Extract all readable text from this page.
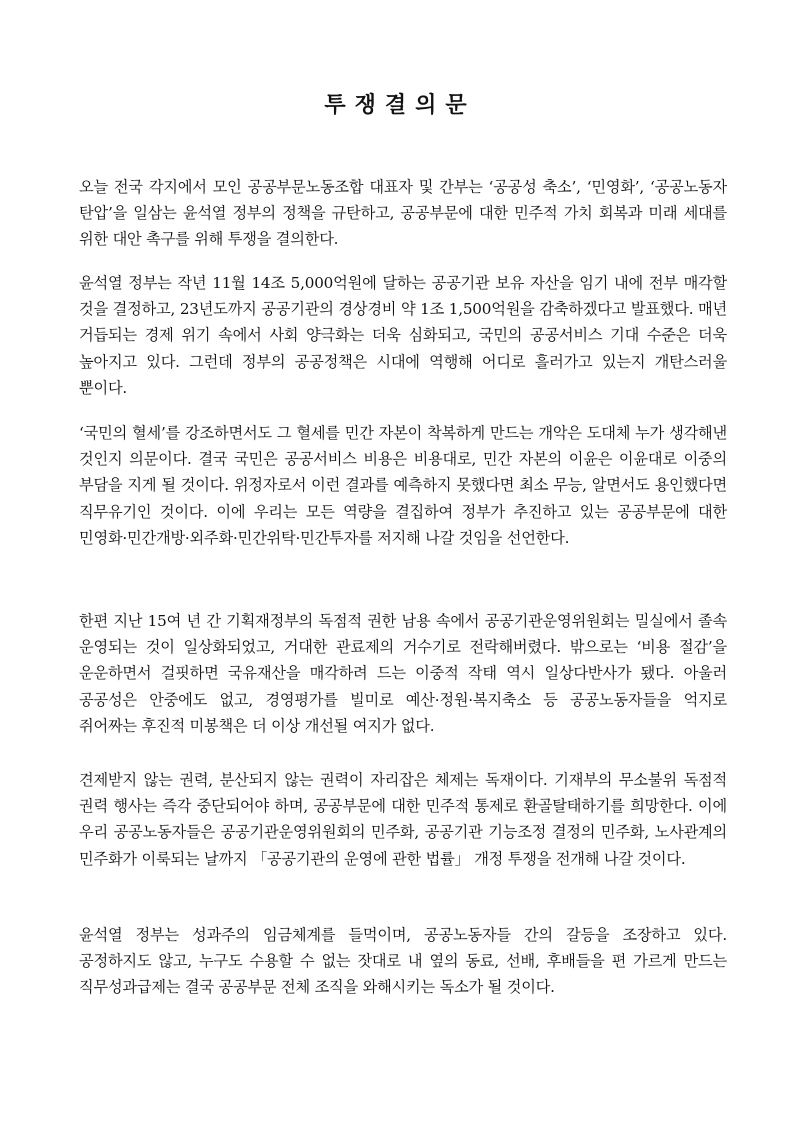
투쟁결의문
오늘 전국 각지에서 모인 공공부문노동조합 대표자 및 간부는 ‘공공성 축소’, ‘민영화’, ‘공공노동자 탄압’을 일삼는 윤석열 정부의 정책을 규탄하고, 공공부문에 대한 민주적 가치 회복과 미래 세대를 위한 대안 촉구를 위해 투쟁을 결의한다.
윤석열 정부는 작년 11월 14조 5,000억원에 달하는 공공기관 보유 자산을 임기 내에 전부 매각할 것을 결정하고, 23년도까지 공공기관의 경상경비 약 1조 1,500억원을 감축하겠다고 발표했다. 매년 거듭되는 경제 위기 속에서 사회 양극화는 더욱 심화되고, 국민의 공공서비스 기대 수준은 더욱 높아지고 있다. 그런데 정부의 공공정책은 시대에 역행해 어디로 흘러가고 있는지 개탄스러울 뿐이다.
‘국민의 혈세’를 강조하면서도 그 혈세를 민간 자본이 착복하게 만드는 개악은 도대체 누가 생각해낸 것인지 의문이다. 결국 국민은 공공서비스 비용은 비용대로, 민간 자본의 이윤은 이윤대로 이중의 부담을 지게 될 것이다. 위정자로서 이런 결과를 예측하지 못했다면 최소 무능, 알면서도 용인했다면 직무유기인 것이다. 이에 우리는 모든 역량을 결집하여 정부가 추진하고 있는 공공부문에 대한 민영화·민간개방·외주화·민간위탁·민간투자를 저지해 나갈 것임을 선언한다.
한편 지난 15여 년 간 기획재정부의 독점적 권한 남용 속에서 공공기관운영위원회는 밀실에서 졸속 운영되는 것이 일상화되었고, 거대한 관료제의 거수기로 전락해버렸다. 밖으로는 ‘비용 절감’을 운운하면서 걸핏하면 국유재산을 매각하려 드는 이중적 작태 역시 일상다반사가 됐다. 아울러 공공성은 안중에도 없고, 경영평가를 빌미로 예산·정원·복지축소 등 공공노동자들을 억지로 쥐어짜는 후진적 미봉책은 더 이상 개선될 여지가 없다.
견제받지 않는 권력, 분산되지 않는 권력이 자리잡은 체제는 독재이다. 기재부의 무소불위 독점적 권력 행사는 즉각 중단되어야 하며, 공공부문에 대한 민주적 통제로 환골탈태하기를 희망한다. 이에 우리 공공노동자들은 공공기관운영위원회의 민주화, 공공기관 기능조정 결정의 민주화, 노사관계의 민주화가 이룩되는 날까지 「공공기관의 운영에 관한 법률」 개정 투쟁을 전개해 나갈 것이다.
윤석열 정부는 성과주의 임금체계를 들먹이며, 공공노동자들 간의 갈등을 조장하고 있다. 공정하지도 않고, 누구도 수용할 수 없는 잣대로 내 옆의 동료, 선배, 후배들을 편 가르게 만드는 직무성과급제는 결국 공공부문 전체 조직을 와해시키는 독소가 될 것이다.
